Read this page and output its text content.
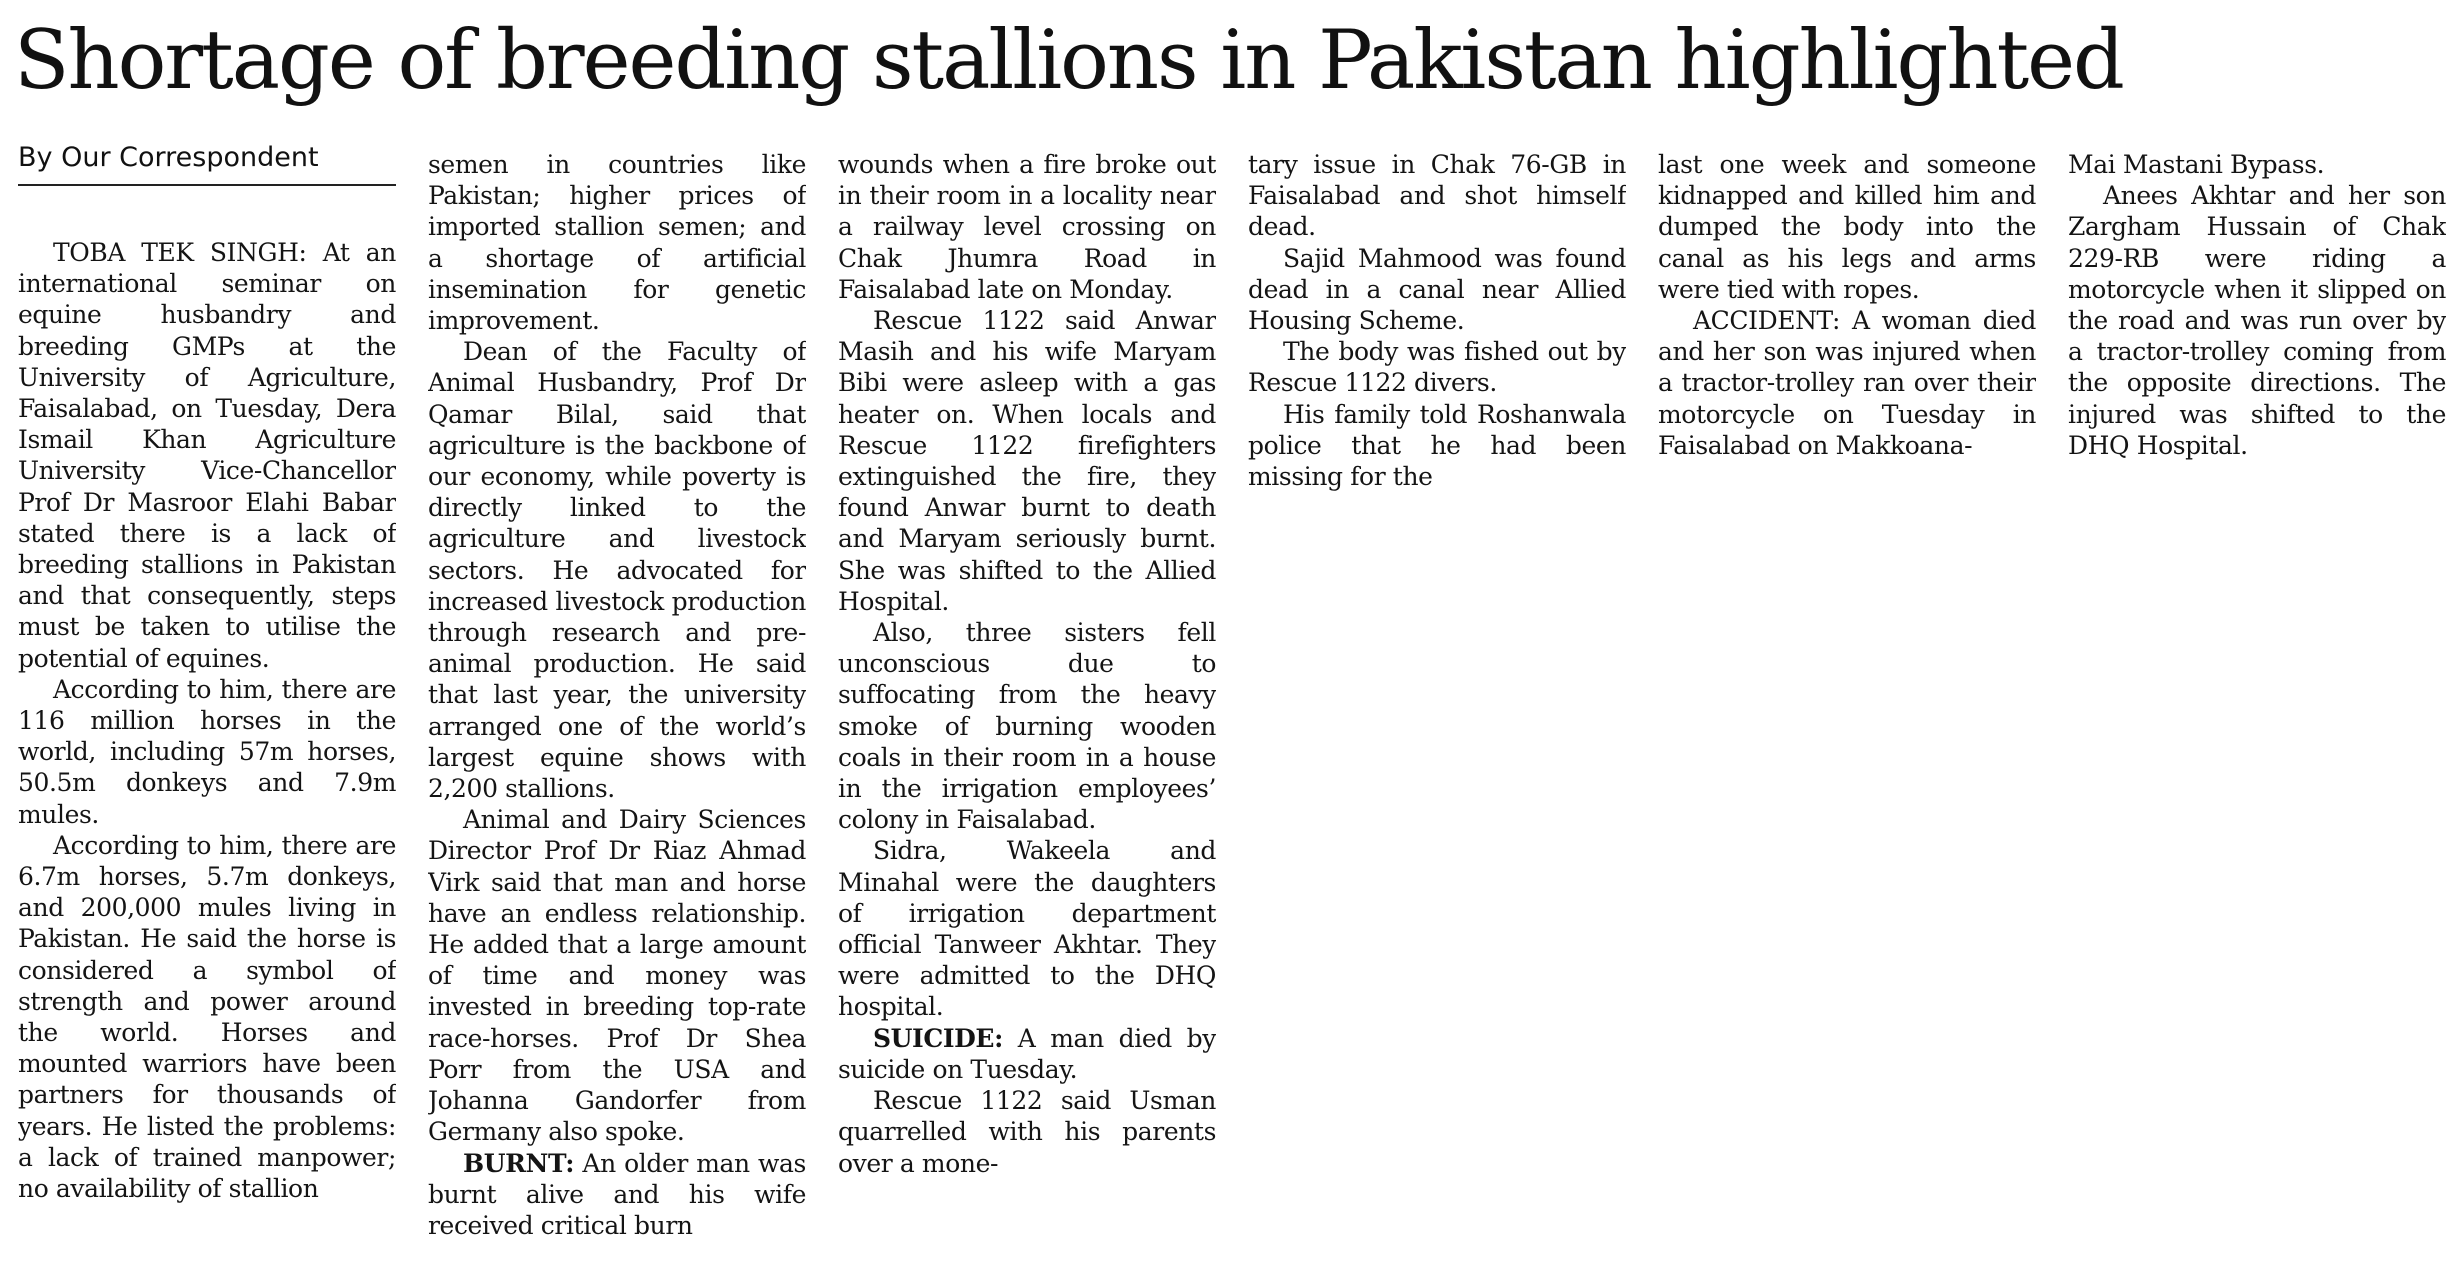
Shortage of breeding stallions in Pakistan highlighted
By Our Correspondent

TOBA TEK SINGH: At an international seminar on equine husbandry and breeding GMPs at the University of Agriculture, Faisalabad, on Tuesday, Dera Ismail Khan Agriculture University Vice-Chancellor Prof Dr Masroor Elahi Babar stated there is a lack of breeding stallions in Pakistan and that consequently, steps must be taken to utilise the potential of equines.

According to him, there are 116 million horses in the world, including 57m horses, 50.5m donkeys and 7.9m mules.

According to him, there are 6.7m horses, 5.7m donkeys, and 200,000 mules living in Pakistan. He said the horse is considered a symbol of strength and power around the world. Horses and mounted warriors have been partners for thousands of years. He listed the problems: a lack of trained manpower; no availability of stallion

semen in countries like Pakistan; higher prices of imported stallion semen; and a shortage of artificial insemination for genetic improvement.

Dean of the Faculty of Animal Husbandry, Prof Dr Qamar Bilal, said that agriculture is the backbone of our economy, while poverty is directly linked to the agriculture and livestock sectors. He advocated for increased livestock production through research and pre-animal production. He said that last year, the university arranged one of the world’s largest equine shows with 2,200 stallions.

Animal and Dairy Sciences Director Prof Dr Riaz Ahmad Virk said that man and horse have an endless relationship. He added that a large amount of time and money was invested in breeding top-rate race-horses. Prof Dr Shea Porr from the USA and Johanna Gandorfer from Germany also spoke.

BURNT: An older man was burnt alive and his wife received critical burn

wounds when a fire broke out in their room in a locality near a railway level crossing on Chak Jhumra Road in Faisalabad late on Monday.

Rescue 1122 said Anwar Masih and his wife Maryam Bibi were asleep with a gas heater on. When locals and Rescue 1122 firefighters extinguished the fire, they found Anwar burnt to death and Maryam seriously burnt. She was shifted to the Allied Hospital.

Also, three sisters fell unconscious due to suffocating from the heavy smoke of burning wooden coals in their room in a house in the irrigation employees’ colony in Faisalabad.

Sidra, Wakeela and Minahal were the daughters of irrigation department official Tanweer Akhtar. They were admitted to the DHQ hospital.

SUICIDE: A man died by suicide on Tuesday.

Rescue 1122 said Usman quarrelled with his parents over a mone-

tary issue in Chak 76-GB in Faisalabad and shot himself dead.

Sajid Mahmood was found dead in a canal near Allied Housing Scheme.

The body was fished out by Rescue 1122 divers.

His family told Roshanwala police that he had been missing for the

last one week and someone kidnapped and killed him and dumped the body into the canal as his legs and arms were tied with ropes.

ACCIDENT: A woman died and her son was injured when a tractor-trolley ran over their motorcycle on Tuesday in Faisalabad on Makkoana-

Mai Mastani Bypass.

Anees Akhtar and her son Zargham Hussain of Chak 229-RB were riding a motorcycle when it slipped on the road and was run over by a tractor-trolley coming from the opposite directions. The injured was shifted to the DHQ Hospital.
